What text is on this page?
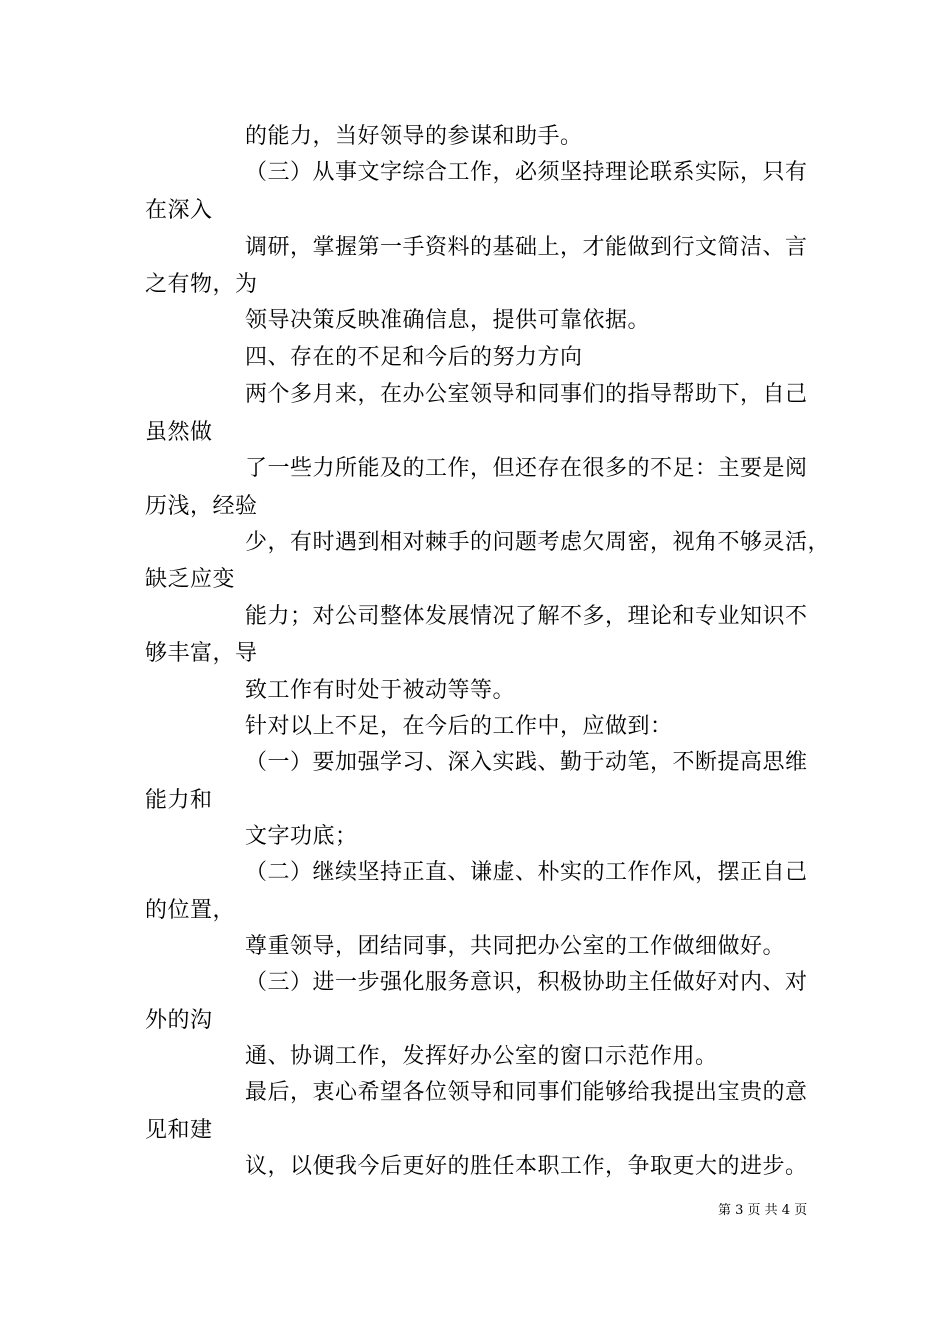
的能力，当好领导的参谋和助手。
（三）从事文字综合工作，必须坚持理论联系实际，只有
在深入
调研，掌握第一手资料的基础上，才能做到行文简洁、言
之有物，为
领导决策反映准确信息，提供可靠依据。
四、存在的不足和今后的努力方向
两个多月来，在办公室领导和同事们的指导帮助下，自己
虽然做
了一些力所能及的工作，但还存在很多的不足：主要是阅
历浅，经验
少，有时遇到相对棘手的问题考虑欠周密，视角不够灵活，
缺乏应变
能力；对公司整体发展情况了解不多，理论和专业知识不
够丰富，导
致工作有时处于被动等等。
针对以上不足，在今后的工作中，应做到：
（一）要加强学习、深入实践、勤于动笔，不断提高思维
能力和
文字功底；
（二）继续坚持正直、谦虚、朴实的工作作风，摆正自己
的位置，
尊重领导，团结同事，共同把办公室的工作做细做好。
（三）进一步强化服务意识，积极协助主任做好对内、对
外的沟
通、协调工作，发挥好办公室的窗口示范作用。
最后，衷心希望各位领导和同事们能够给我提出宝贵的意
见和建
议，以便我今后更好的胜任本职工作，争取更大的进步。
第 3 页 共 4 页
